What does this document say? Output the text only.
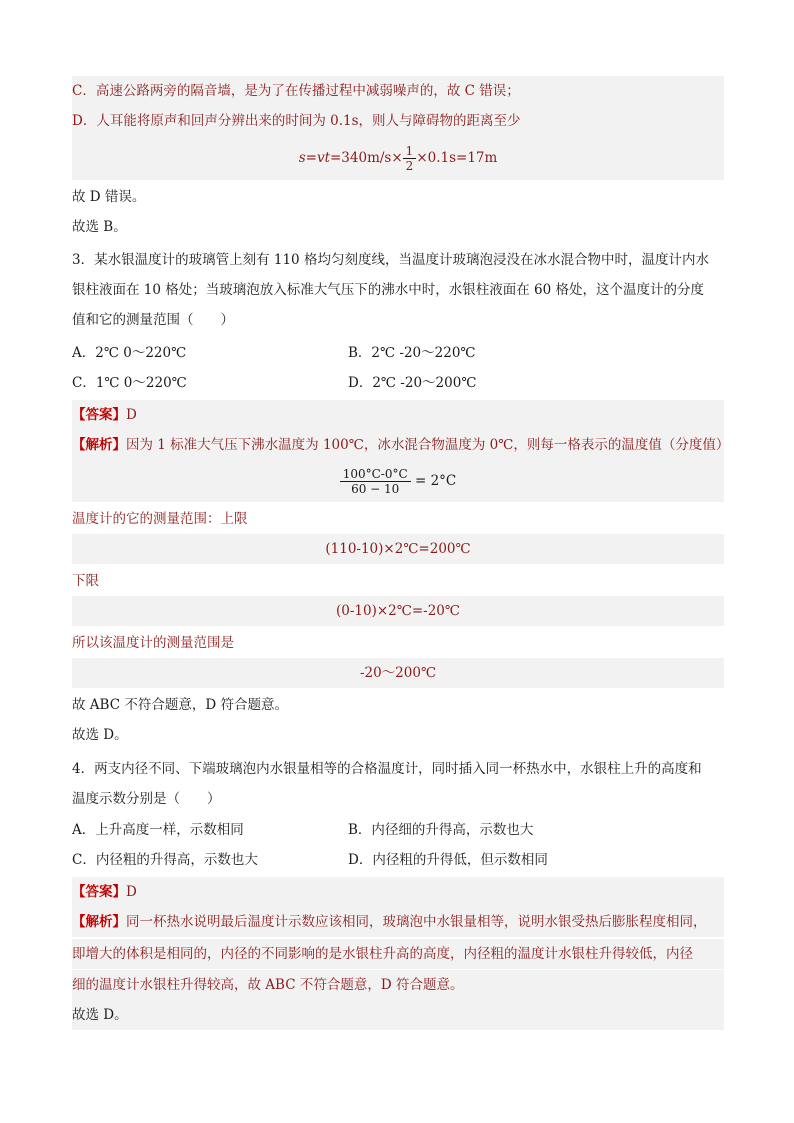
C．高速公路两旁的隔音墙，是为了在传播过程中减弱噪声的，故 C 错误；
D．人耳能将原声和回声分辨出来的时间为 0.1s，则人与障碍物的距离至少
$s=vt=340m/s\times \frac{1}{2} \times 0.1s=17m$
故 D 错误。
故选 B。
3．某水银温度计的玻璃管上刻有 110 格均匀刻度线，当温度计玻璃泡浸没在冰水混合物中时，温度计内水
银柱液面在 10 格处；当玻璃泡放入标准大气压下的沸水中时，水银柱液面在 60 格处，这个温度计的分度
值和它的测量范围（　　）
A．2℃ 0～220℃	B．2℃ -20～220℃
C．1℃ 0～220℃	D．2℃ -20～200℃
【答案】D
【解析】因为 1 标准大气压下沸水温度为 100℃，冰水混合物温度为 0℃，则每一格表示的温度值（分度值）
$\frac{100^\circ C-0^\circ C}{60 - 10} = 2^\circ C$
温度计的它的测量范围：上限
(110-10)×2℃=200℃
下限
(0-10)×2℃=-20℃
所以该温度计的测量范围是
-20～200℃
故 ABC 不符合题意，D 符合题意。
故选 D。
4．两支内径不同、下端玻璃泡内水银量相等的合格温度计，同时插入同一杯热水中，水银柱上升的高度和
温度示数分别是（　　）
A．上升高度一样，示数相同	B．内径细的升得高，示数也大
C．内径粗的升得高，示数也大	D．内径粗的升得低，但示数相同
【答案】D
【解析】同一杯热水说明最后温度计示数应该相同，玻璃泡中水银量相等，说明水银受热后膨胀程度相同，
即增大的体积是相同的，内径的不同影响的是水银柱升高的高度，内径粗的温度计水银柱升得较低，内径
细的温度计水银柱升得较高，故 ABC 不符合题意，D 符合题意。
故选 D。
